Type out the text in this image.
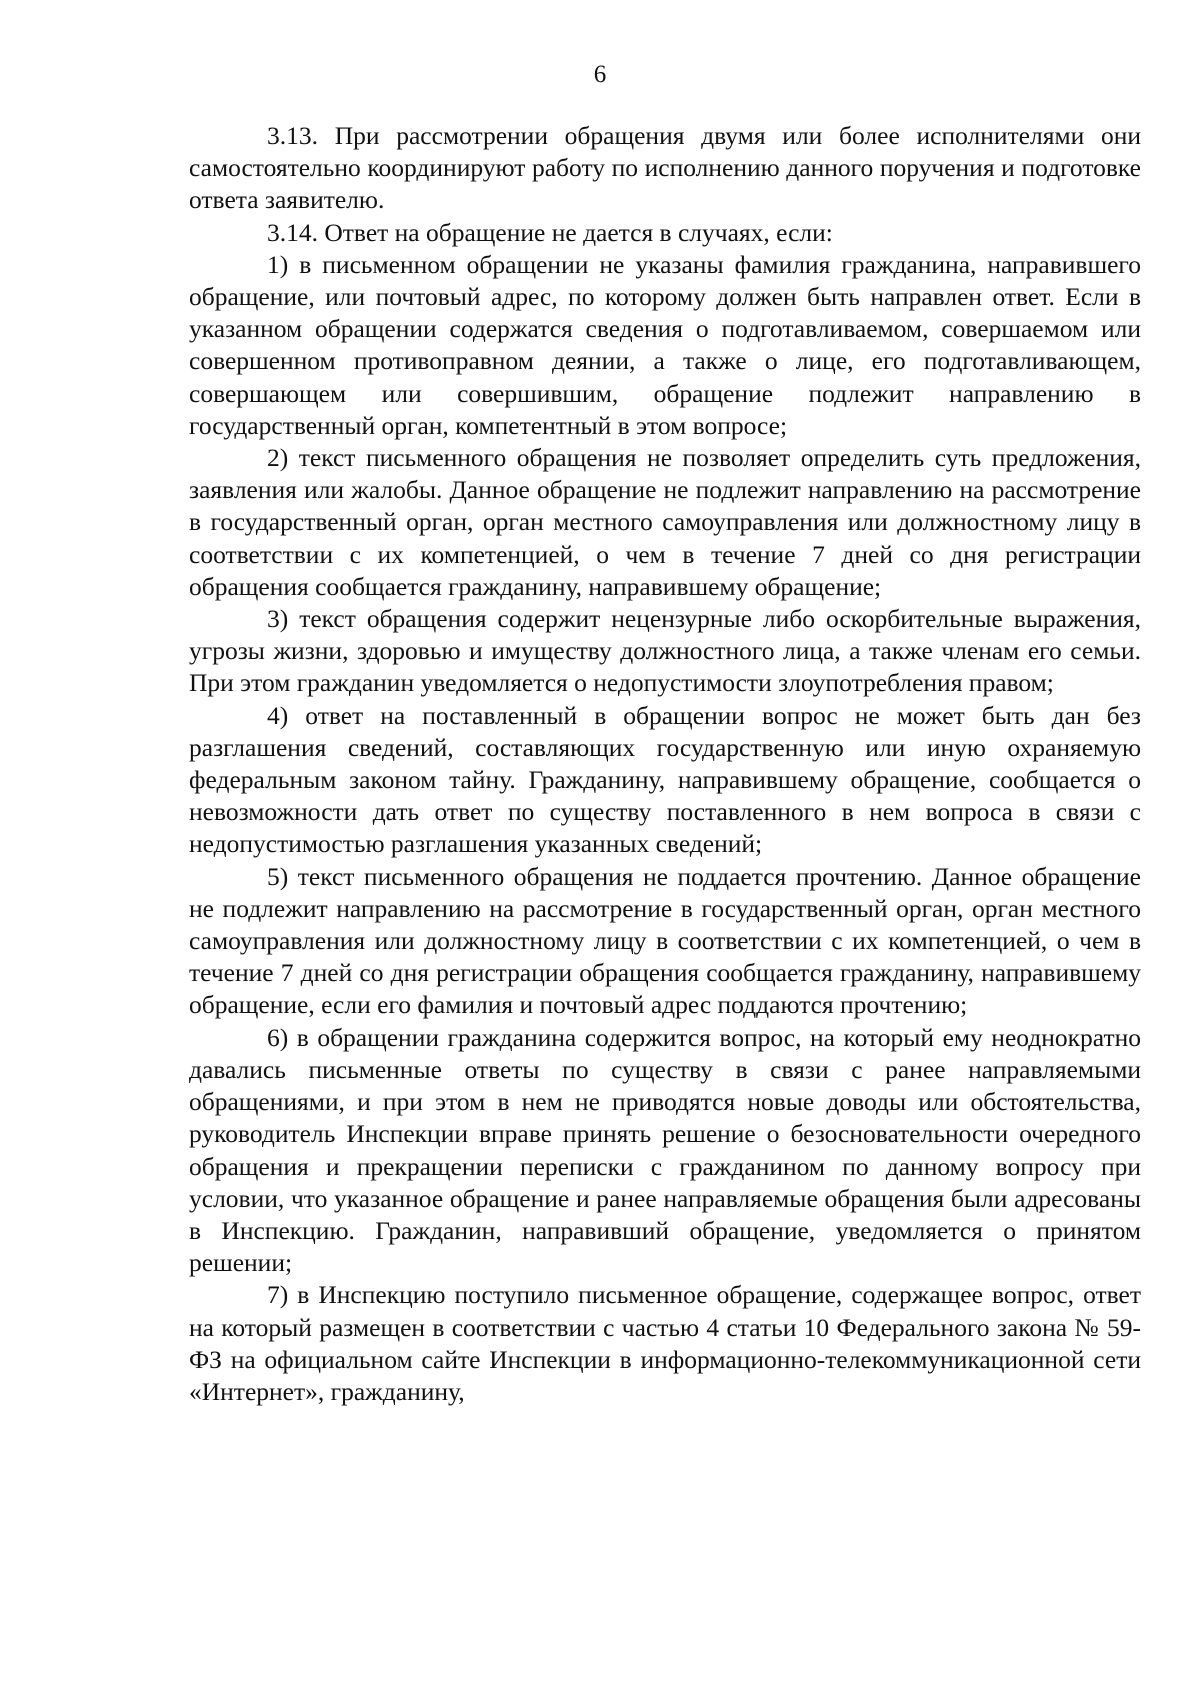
6

3.13. При рассмотрении обращения двумя или более исполнителями они самостоятельно координируют работу по исполнению данного поручения и подготовке ответа заявителю.

3.14. Ответ на обращение не дается в случаях, если:

1) в письменном обращении не указаны фамилия гражданина, направившего обращение, или почтовый адрес, по которому должен быть направлен ответ. Если в указанном обращении содержатся сведения о подготавливаемом, совершаемом или совершенном противоправном деянии, а также о лице, его подготавливающем, совершающем или совершившим, обращение подлежит направлению в государственный орган, компетентный в этом вопросе;

2) текст письменного обращения не позволяет определить суть предложения, заявления или жалобы. Данное обращение не подлежит направлению на рассмотрение в государственный орган, орган местного самоуправления или должностному лицу в соответствии с их компетенцией, о чем в течение 7 дней со дня регистрации обращения сообщается гражданину, направившему обращение;

3) текст обращения содержит нецензурные либо оскорбительные выражения, угрозы жизни, здоровью и имуществу должностного лица, а также членам его семьи. При этом гражданин уведомляется о недопустимости злоупотребления правом;

4) ответ на поставленный в обращении вопрос не может быть дан без разглашения сведений, составляющих государственную или иную охраняемую федеральным законом тайну. Гражданину, направившему обращение, сообщается о невозможности дать ответ по существу поставленного в нем вопроса в связи с недопустимостью разглашения указанных сведений;

5) текст письменного обращения не поддается прочтению. Данное обращение не подлежит направлению на рассмотрение в государственный орган, орган местного самоуправления или должностному лицу в соответствии с их компетенцией, о чем в течение 7 дней со дня регистрации обращения сообщается гражданину, направившему обращение, если его фамилия и почтовый адрес поддаются прочтению;

6) в обращении гражданина содержится вопрос, на который ему неоднократно давались письменные ответы по существу в связи с ранее направляемыми обращениями, и при этом в нем не приводятся новые доводы или обстоятельства, руководитель Инспекции вправе принять решение о безосновательности очередного обращения и прекращении переписки с гражданином по данному вопросу при условии, что указанное обращение и ранее направляемые обращения были адресованы в Инспекцию. Гражданин, направивший обращение, уведомляется о принятом решении;

7) в Инспекцию поступило письменное обращение, содержащее вопрос, ответ на который размещен в соответствии с частью 4 статьи 10 Федерального закона № 59-ФЗ на официальном сайте Инспекции в информационно-телекоммуникационной сети «Интернет», гражданину,
